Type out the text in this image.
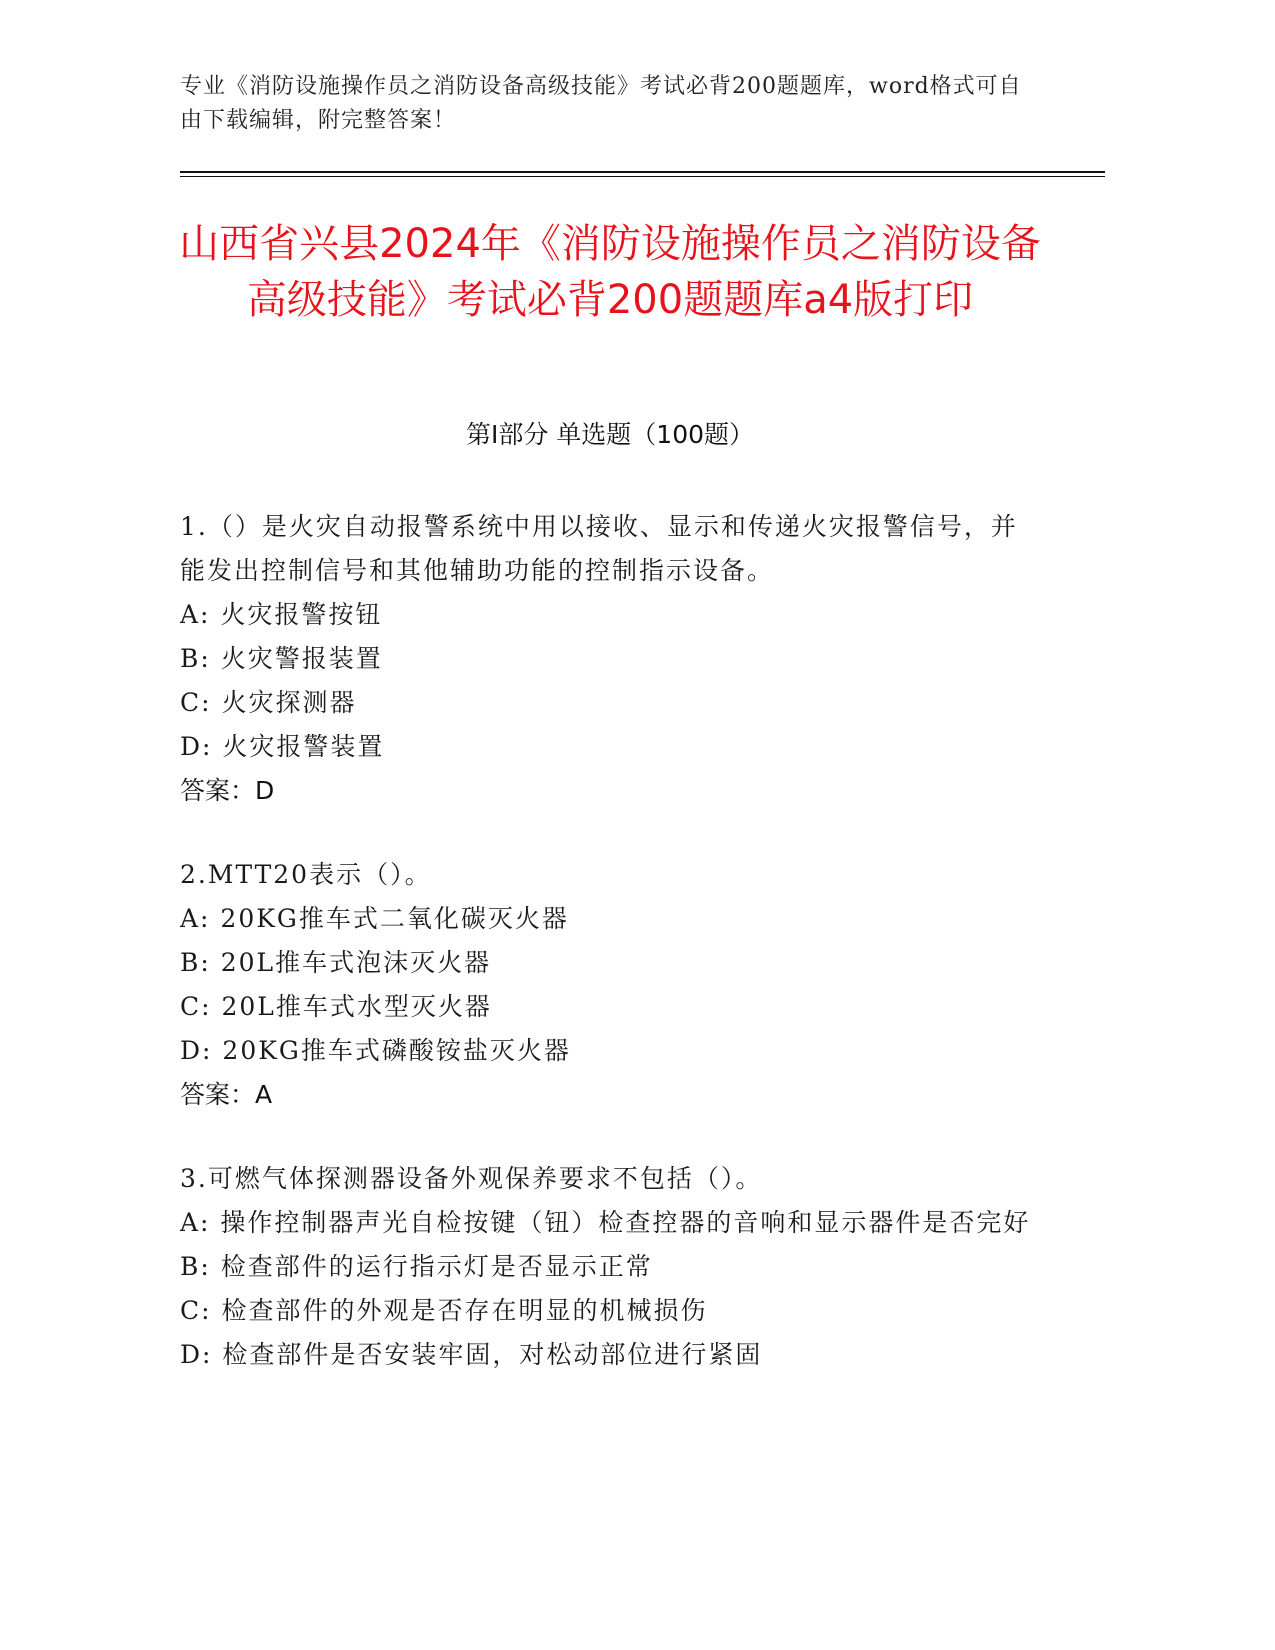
专业《消防设施操作员之消防设备高级技能》考试必背200题题库，word格式可自由下载编辑，附完整答案！
山西省兴县2024年《消防设施操作员之消防设备高级技能》考试必背200题题库a4版打印
第I部分 单选题（100题）
1.（）是火灾自动报警系统中用以接收、显示和传递火灾报警信号，并能发出控制信号和其他辅助功能的控制指示设备。
A: 火灾报警按钮
B: 火灾警报装置
C: 火灾探测器
D: 火灾报警装置
答案：D
2.MTT20表示（）。
A: 20KG推车式二氧化碳灭火器
B: 20L推车式泡沫灭火器
C: 20L推车式水型灭火器
D: 20KG推车式磷酸铵盐灭火器
答案：A
3.可燃气体探测器设备外观保养要求不包括（）。
A: 操作控制器声光自检按键（钮）检查控器的音响和显示器件是否完好
B: 检查部件的运行指示灯是否显示正常
C: 检查部件的外观是否存在明显的机械损伤
D: 检查部件是否安装牢固，对松动部位进行紧固
